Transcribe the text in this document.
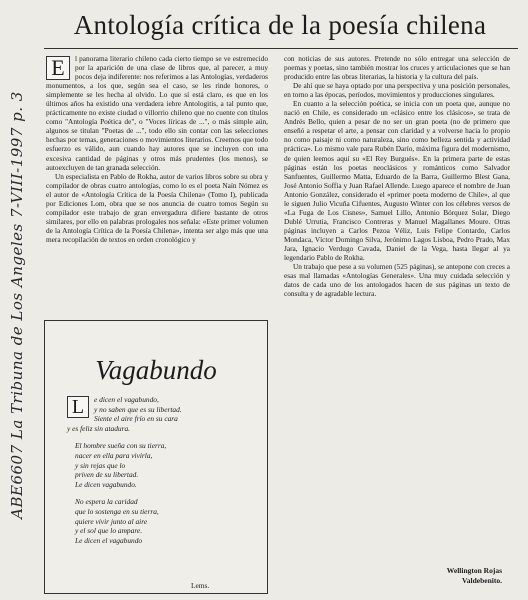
ABE6607 La Tribuna de Los Angeles 7-VIII-1997 p. 3
Antología crítica de la poesía chilena
E	l panorama literario chileno cada cierto tiempo se ve estremecido por la aparición de una clase de libros que, al parecer, a muy pocos deja indiferente: nos referimos a las Antologías, verdaderos monumentos, a los que, según sea el caso, se les rinde honores, o simplemente se les hecha al olvido. Lo que sí está claro, es que en los últimos años ha existido una verdadera iebre Antologitis, a tal punto que, prácticamente no existe ciudad o villorrio chileno que no cuente con títulos como "Antología Poética de", o "Voces líricas de ...", o más simple aún, algunos se titulan "Poetas de ...", todo ello sin contar con las selecciones hechas por temas, generaciones o movimientos literarios. Creemos que todo esfuerzo es válido, aun cuando hay autores que se incluyen con una excesiva cantidad de páginas y otros más prudentes (los menos), se autoexcluyen de tan granada selección.

Un especialista en Pablo de Rokha, autor de varios libros sobre su obra y compilador de obras cuatro antologías, como lo es el poeta Naín Nómez es el autor de «Antología Crítica de la Poesía Chilena» (Tomo I), publicada por Ediciones Lom, obra que se nos anuncia de cuatro tomos Según su compilador este trabajo de gran envergadura difiere bastante de otros similares, por ello en palabras prologales nos señala: «Este primer volumen de la Antología Crítica de la Poesía Chilena», intenta ser algo más que una mera recopilación de textos en orden cronológico y

con noticias de sus autores. Pretende no sólo entregar una selección de poemas y poetas, sino también mostrar los cruces y articulaciones que se han producido entre las obras literarias, la historia y la cultura del país.

De ahí que se haya optado por una perspectiva y una posición personales, en torno a las épocas, períodos, movimientos y producciones singulares.

En cuanto a la selección poética, se inicia con un poeta que, aunque no nació en Chile, es considerado un «clásico entre los clásicos», se trata de Andrés Bello, quien a pesar de no ser un gran poeta (no de primero que enseñó a respetar el arte, a pensar con claridad y a volverse hacia lo propio no como paisaje ni como naturaleza, sino como belleza sentida y actividad práctica». Lo mismo vale para Rubén Darío, máxima figura del modernismo, de quien leemos aquí su «El Rey Burgués». En la primera parte de estas páginas están los poetas neoclásicos y románticos como Salvador Sanfuentes, Guillermo Matta, Eduardo de la Barra, Guillermo Blest Gana, José Antonio Soffia y Juan Rafael Allende. Luego aparece el nombre de Juan Antonio González, considerado el «primer poeta moderno de Chile», al que le siguen Julio Vicuña Cifuentes, Augusto Winter con los célebres versos de «La Fuga de Los Cisnes», Samuel Lillo, Antonio Bórquez Solar, Diego Dublé Urrutia, Francisco Contreras y Manuel Magallanes Moure. Otras páginas incluyen a Carlos Pezoa Véliz, Luis Felipe Contardo, Carlos Mondaca, Víctor Domingo Silva, Jerónimo Lagos Lisboa, Pedro Prado, Max Jara, Ignacio Verdugo Cavada, Daniel de la Vega, hasta llegar al ya legendario Pablo de Rokha.

Un trabajo que pese a su volumen (525 páginas), se antepone con creces a esas mal llamadas «Antologías Generales». Una muy cuidada selección y datos de cada uno de los antologados hacen de sus páginas un texto de consulta y de agradable lectura.

Vagabundo
L	e dicen el vagabundo,
y no saben que es su libertad.
Siente el aire frío en su cara
y es feliz sin atadura.
El hombre sueña con su tierra,
nacer en ella para vivirla,
y sin rejas que lo
priven de su libertad.
Le dicen vagabundo.
No espera la caridad
que lo sostenga en su tierra,
quiere vivir junto al aire
y el sol que lo ampare.
Le dicen el vagabundo
Lems.
Wellington Rojas
Valdebenito.
